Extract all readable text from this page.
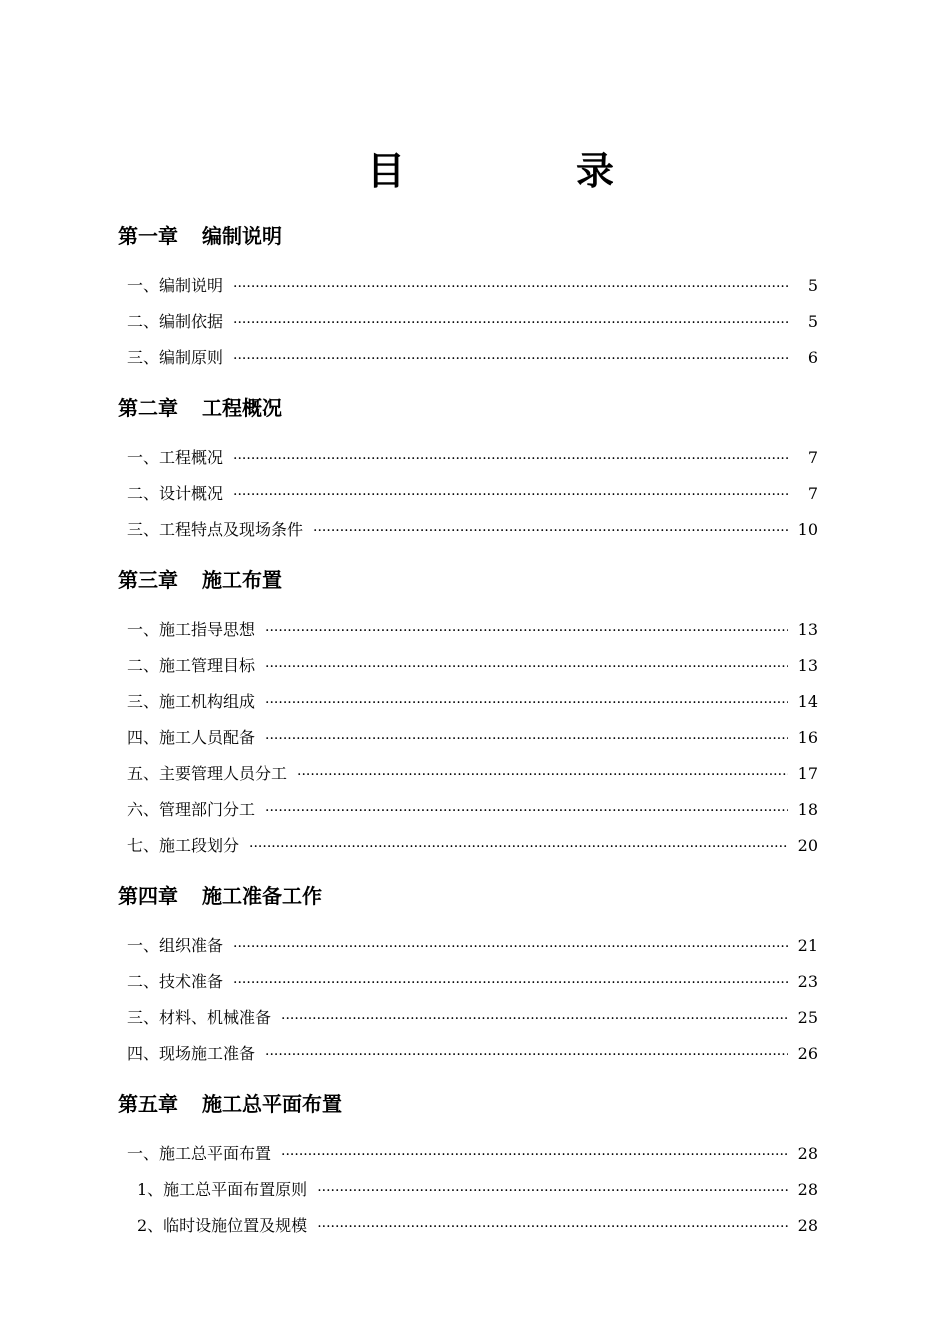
目	录
第一章 编制说明
一、编制说明 ·····	5
二、编制依据 ·····	5
三、编制原则 ·····	6
第二章 工程概况
一、工程概况 ·····	7
二、设计概况 ·····	7
三、工程特点及现场条件 ·····	10
第三章 施工布置
一、施工指导思想 ·····	13
二、施工管理目标 ·····	13
三、施工机构组成 ·····	14
四、施工人员配备 ·····	16
五、主要管理人员分工 ·····	17
六、管理部门分工 ·····	18
七、施工段划分 ·····	20
第四章 施工准备工作
一、组织准备 ·····	21
二、技术准备 ·····	23
三、材料、机械准备 ·····	25
四、现场施工准备 ·····	26
第五章 施工总平面布置
一、施工总平面布置 ·····	28
1、施工总平面布置原则 ·····	28
2、临时设施位置及规模 ·····	28
